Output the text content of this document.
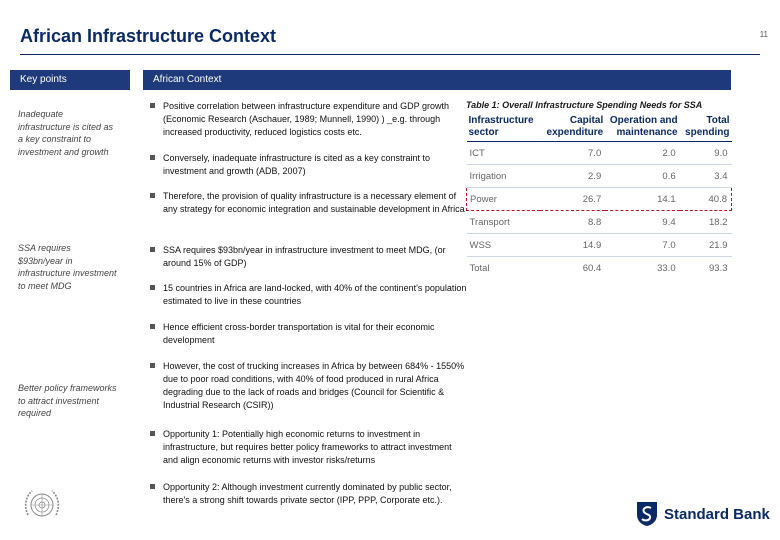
African Infrastructure Context	11
Key points	African Context
Inadequate infrastructure is cited as a key constraint to investment and growth
SSA requires $93bn/year in infrastructure investment to meet MDG
Better policy frameworks to attract investment required
Positive correlation between infrastructure expenditure and GDP growth (Economic Research (Aschauer, 1989; Munnell, 1990) ) _e.g. through increased productivity, reduced logistics costs etc.
Conversely, inadequate infrastructure is cited as a key constraint to investment and growth (ADB, 2007)
Therefore, the provision of quality infrastructure is a necessary element of any strategy for economic integration and sustainable development in Africa
SSA requires $93bn/year in infrastructure investment to meet MDG, (or around 15% of GDP)
15 countries in Africa are land-locked, with 40% of the continent's population estimated to live in these countries
Hence efficient cross-border transportation is vital for their economic development
However, the cost of trucking increases in Africa by between 684% - 1550% due to poor road conditions, with 40% of food produced in rural Africa degrading due to the lack of roads and bridges (Council for Scientific & Industrial Research (CSIR))
Opportunity 1: Potentially high economic returns to investment in infrastructure, but requires better policy frameworks to attract investment and align economic returns with investor risks/returns
Opportunity 2: Although investment currently dominated by public sector, there's a strong shift towards private sector (IPP, PPP, Corporate etc.).
Table 1: Overall Infrastructure Spending Needs for SSA
Infrastructure sector	Capital expenditure	Operation and maintenance	Total spending
ICT	7.0	2.0	9.0
Irrigation	2.9	0.6	3.4
Power	26.7	14.1	40.8
Transport	8.8	9.4	18.2
WSS	14.9	7.0	21.9
Total	60.4	33.0	93.3
Standard Bank
